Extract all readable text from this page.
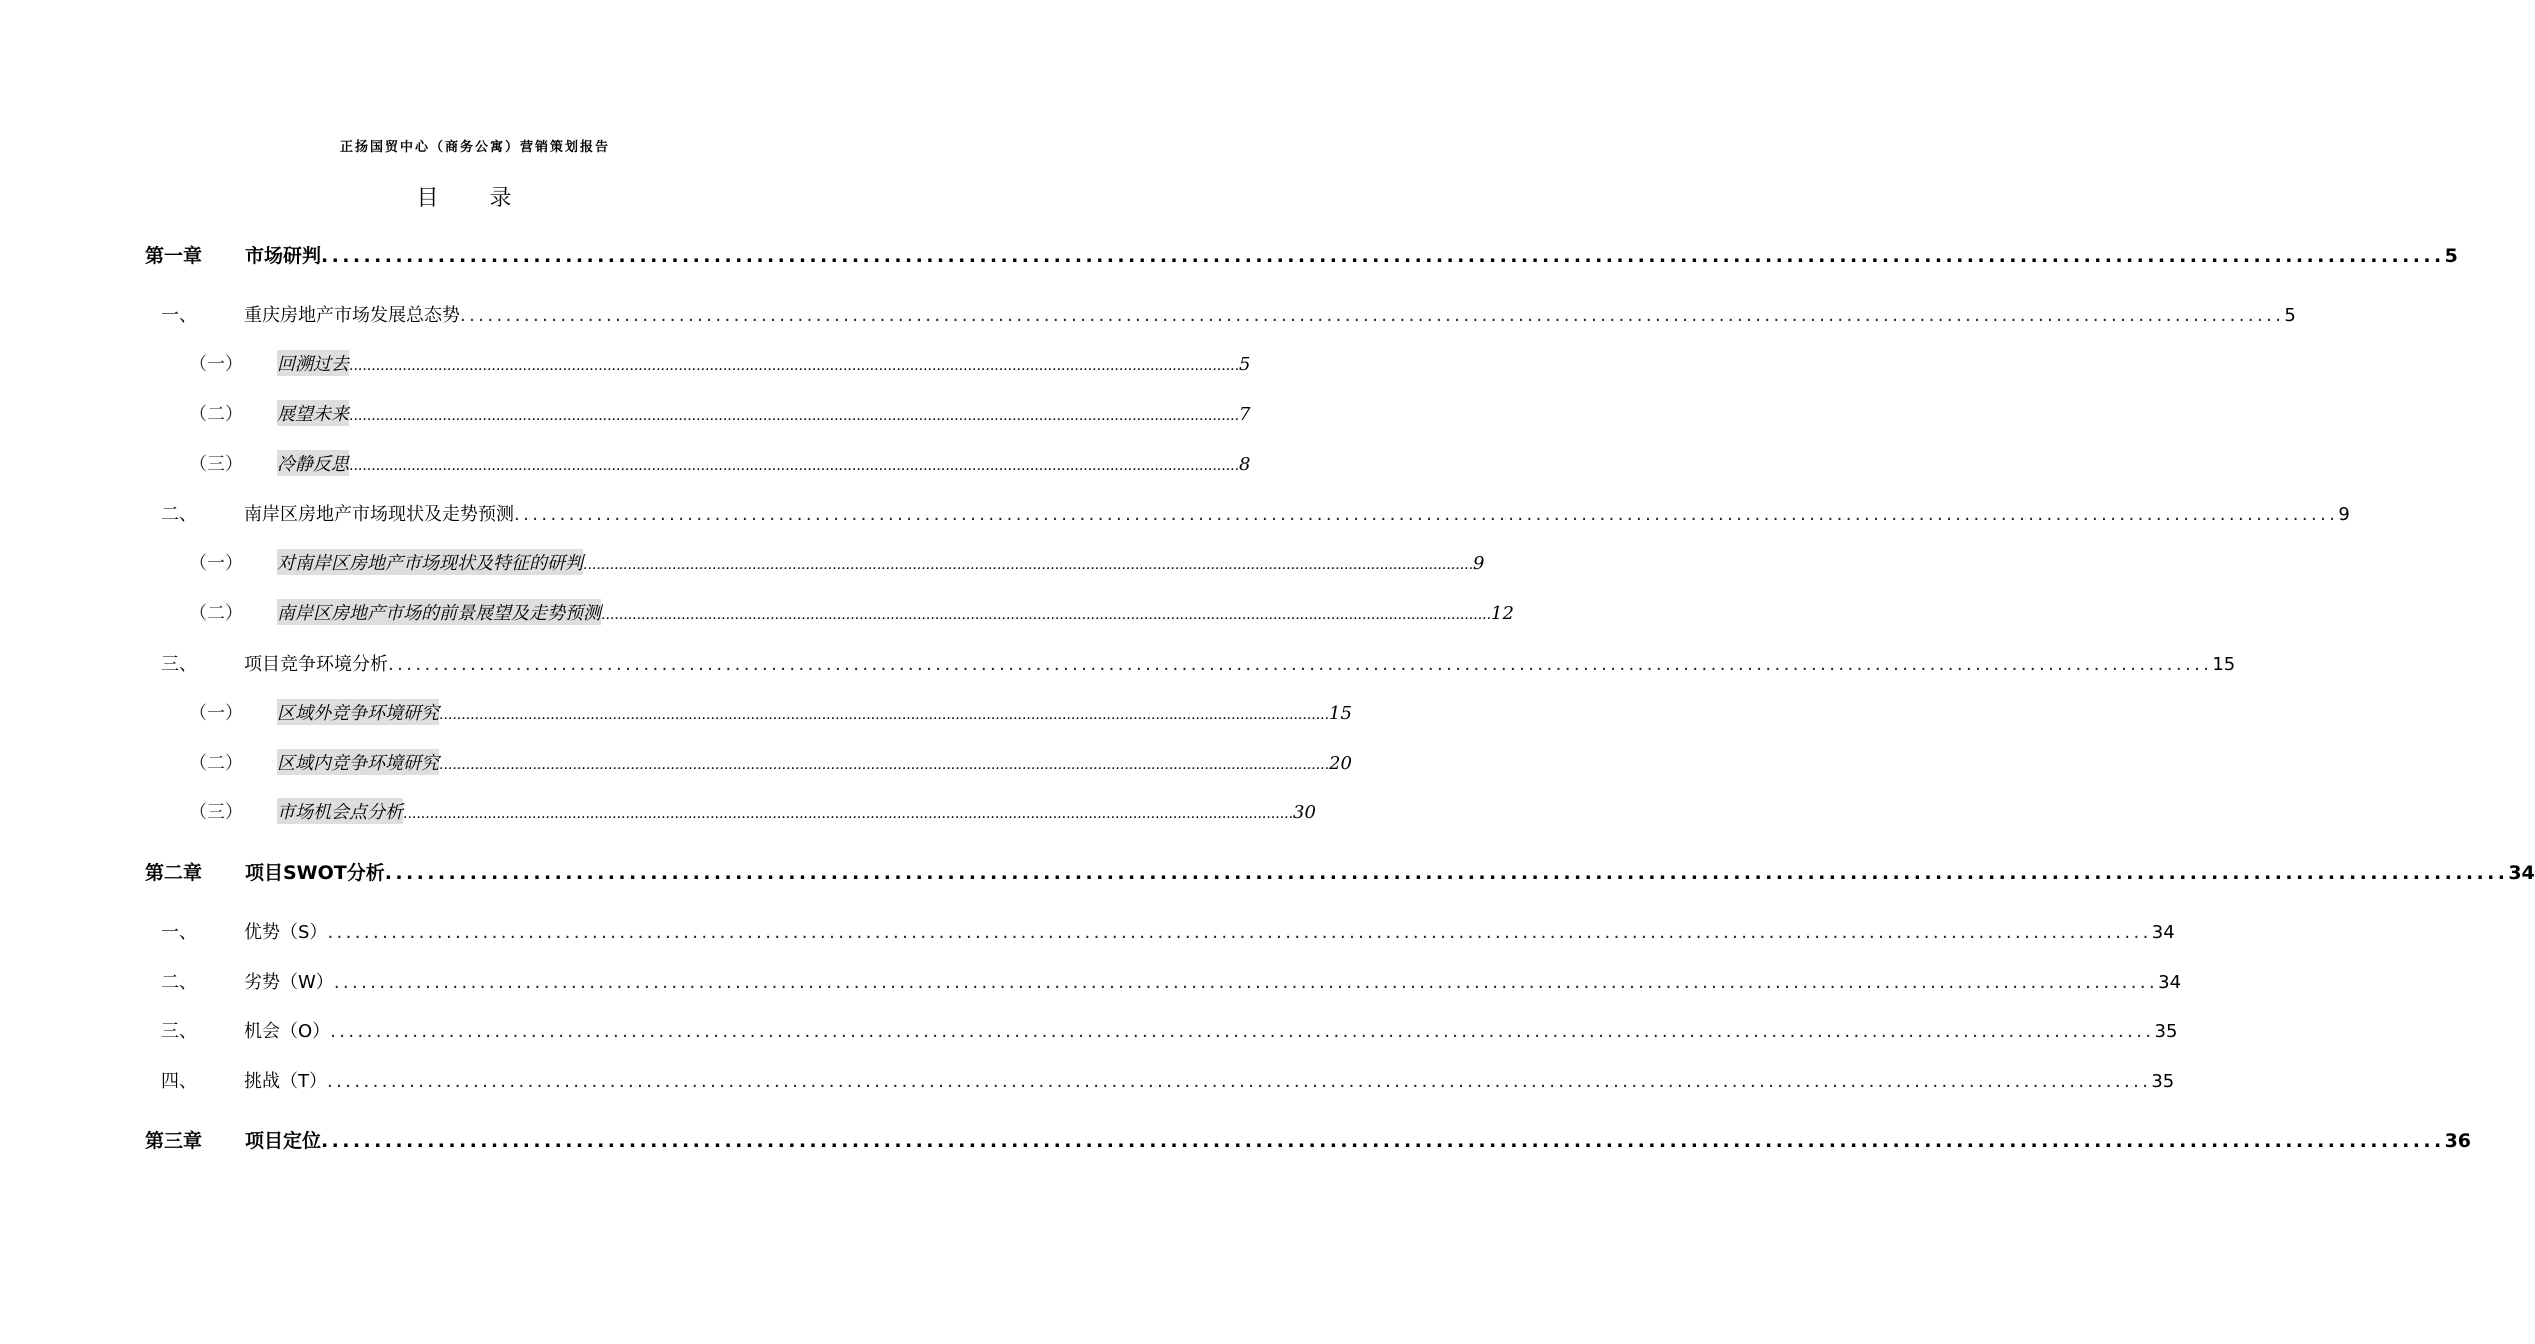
正扬国贸中心（商务公寓）营销策划报告
目 录
第一章	市场研判 ........................................................................................................................................................................................................ 5
一、	重庆房地产市场发展总态势 ........................................................................................................................................................................................................ 5
（一）	回溯过去 ........................................................................................................................................................................................................ 5
（二）	展望未来 ........................................................................................................................................................................................................ 7
（三）	冷静反思 ........................................................................................................................................................................................................ 8
二、	南岸区房地产市场现状及走势预测 ........................................................................................................................................................................................................ 9
（一）	对南岸区房地产市场现状及特征的研判 ........................................................................................................................................................................................................ 9
（二）	南岸区房地产市场的前景展望及走势预测 ........................................................................................................................................................................................................ 12
三、	项目竞争环境分析 ........................................................................................................................................................................................................ 15
（一）	区域外竞争环境研究 ........................................................................................................................................................................................................ 15
（二）	区域内竞争环境研究 ........................................................................................................................................................................................................ 20
（三）	市场机会点分析 ........................................................................................................................................................................................................ 30
第二章	项目SWOT分析 ........................................................................................................................................................................................................ 34
一、	优势（S） ........................................................................................................................................................................................................ 34
二、	劣势（W） ........................................................................................................................................................................................................ 34
三、	机会（O） ........................................................................................................................................................................................................ 35
四、	挑战（T） ........................................................................................................................................................................................................ 35
第三章	项目定位 ........................................................................................................................................................................................................ 36
